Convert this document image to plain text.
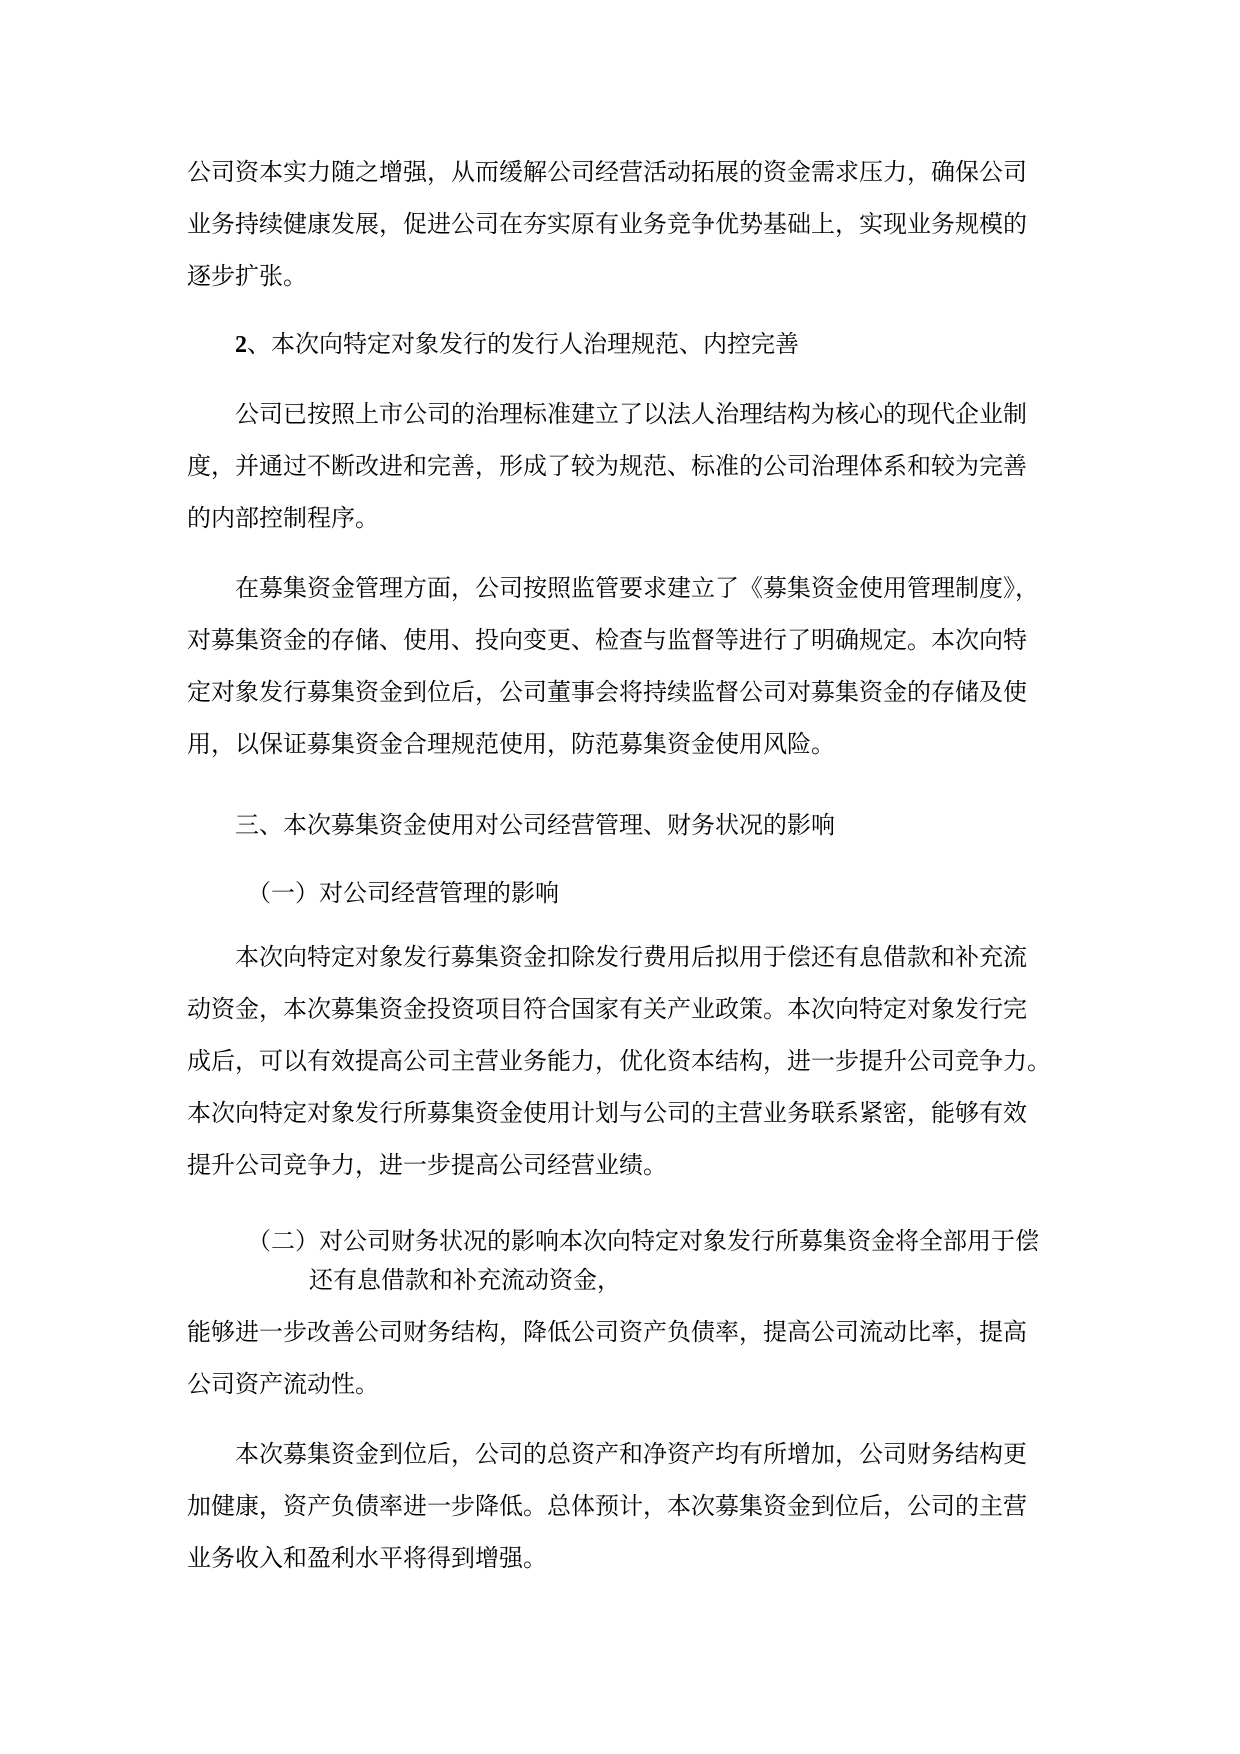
公司资本实力随之增强，从而缓解公司经营活动拓展的资金需求压力，确保公司
业务持续健康发展，促进公司在夯实原有业务竞争优势基础上，实现业务规模的
逐步扩张。
2、本次向特定对象发行的发行人治理规范、内控完善
公司已按照上市公司的治理标准建立了以法人治理结构为核心的现代企业制
度，并通过不断改进和完善，形成了较为规范、标准的公司治理体系和较为完善
的内部控制程序。
在募集资金管理方面，公司按照监管要求建立了《募集资金使用管理制度》，
对募集资金的存储、使用、投向变更、检查与监督等进行了明确规定。本次向特
定对象发行募集资金到位后，公司董事会将持续监督公司对募集资金的存储及使
用，以保证募集资金合理规范使用，防范募集资金使用风险。
三、本次募集资金使用对公司经营管理、财务状况的影响
（一）对公司经营管理的影响
本次向特定对象发行募集资金扣除发行费用后拟用于偿还有息借款和补充流
动资金，本次募集资金投资项目符合国家有关产业政策。本次向特定对象发行完
成后，可以有效提高公司主营业务能力，优化资本结构，进一步提升公司竞争力。
本次向特定对象发行所募集资金使用计划与公司的主营业务联系紧密，能够有效
提升公司竞争力，进一步提高公司经营业绩。
（二）对公司财务状况的影响本次向特定对象发行所募集资金将全部用于偿
还有息借款和补充流动资金，
能够进一步改善公司财务结构，降低公司资产负债率，提高公司流动比率，提高
公司资产流动性。
本次募集资金到位后，公司的总资产和净资产均有所增加，公司财务结构更
加健康，资产负债率进一步降低。总体预计，本次募集资金到位后，公司的主营
业务收入和盈利水平将得到增强。
